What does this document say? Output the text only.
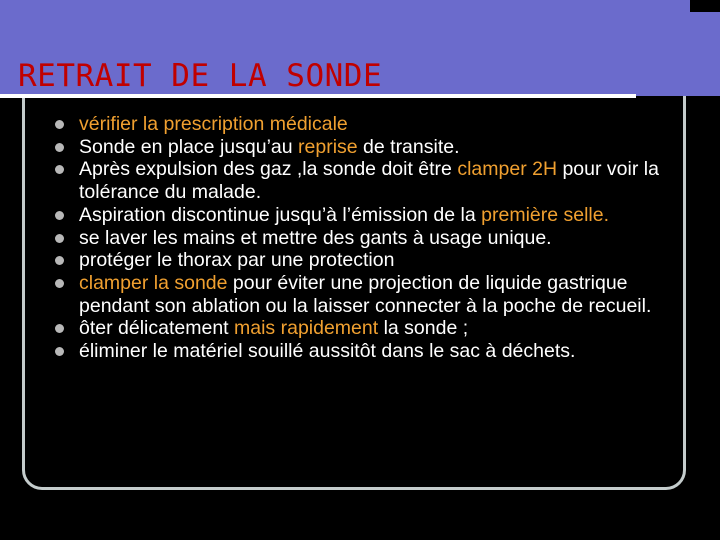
RETRAIT DE LA SONDE
vérifier la prescription médicale
Sonde en place jusqu’au reprise de transite.
Après expulsion des gaz ,la sonde doit être clamper 2H pour voir la tolérance du malade.
Aspiration discontinue jusqu’à l’émission de la première selle.
se laver les mains et mettre des gants à usage unique.
protéger le thorax par une protection
clamper la sonde pour éviter une projection de liquide gastrique pendant son ablation ou la laisser connecter à la poche de recueil.
ôter délicatement mais rapidement la sonde ;
éliminer le matériel souillé aussitôt dans le sac à déchets.
